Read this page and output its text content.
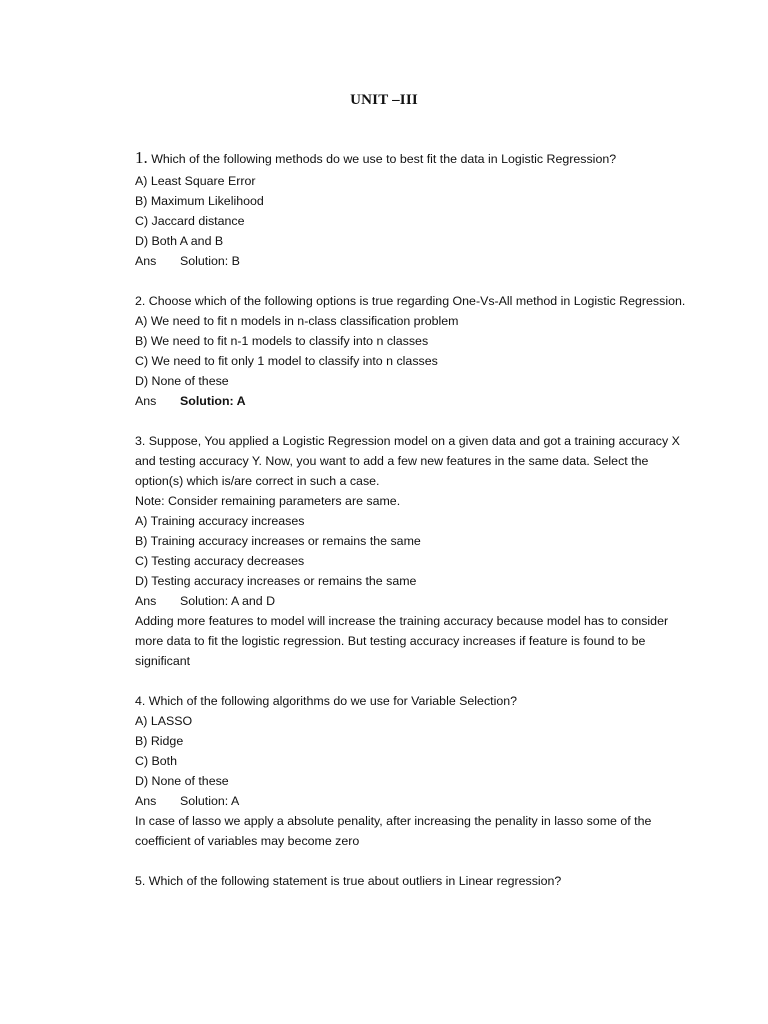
UNIT –III
1. Which of the following methods do we use to best fit the data in Logistic Regression?
A) Least Square Error
B) Maximum Likelihood
C) Jaccard distance
D) Both A and B
Ans Solution: B
2. Choose which of the following options is true regarding One-Vs-All method in Logistic Regression.
A) We need to fit n models in n-class classification problem
B) We need to fit n-1 models to classify into n classes
C) We need to fit only 1 model to classify into n classes
D) None of these
Ans Solution: A
3. Suppose, You applied a Logistic Regression model on a given data and got a training accuracy X and testing accuracy Y. Now, you want to add a few new features in the same data. Select the option(s) which is/are correct in such a case.
Note: Consider remaining parameters are same.
A) Training accuracy increases
B) Training accuracy increases or remains the same
C) Testing accuracy decreases
D) Testing accuracy increases or remains the same
Ans Solution: A and D
Adding more features to model will increase the training accuracy because model has to consider more data to fit the logistic regression. But testing accuracy increases if feature is found to be significant
4. Which of the following algorithms do we use for Variable Selection?
A) LASSO
B) Ridge
C) Both
D) None of these
Ans Solution: A
In case of lasso we apply a absolute penality, after increasing the penality in lasso some of the coefficient of variables may become zero
5. Which of the following statement is true about outliers in Linear regression?
